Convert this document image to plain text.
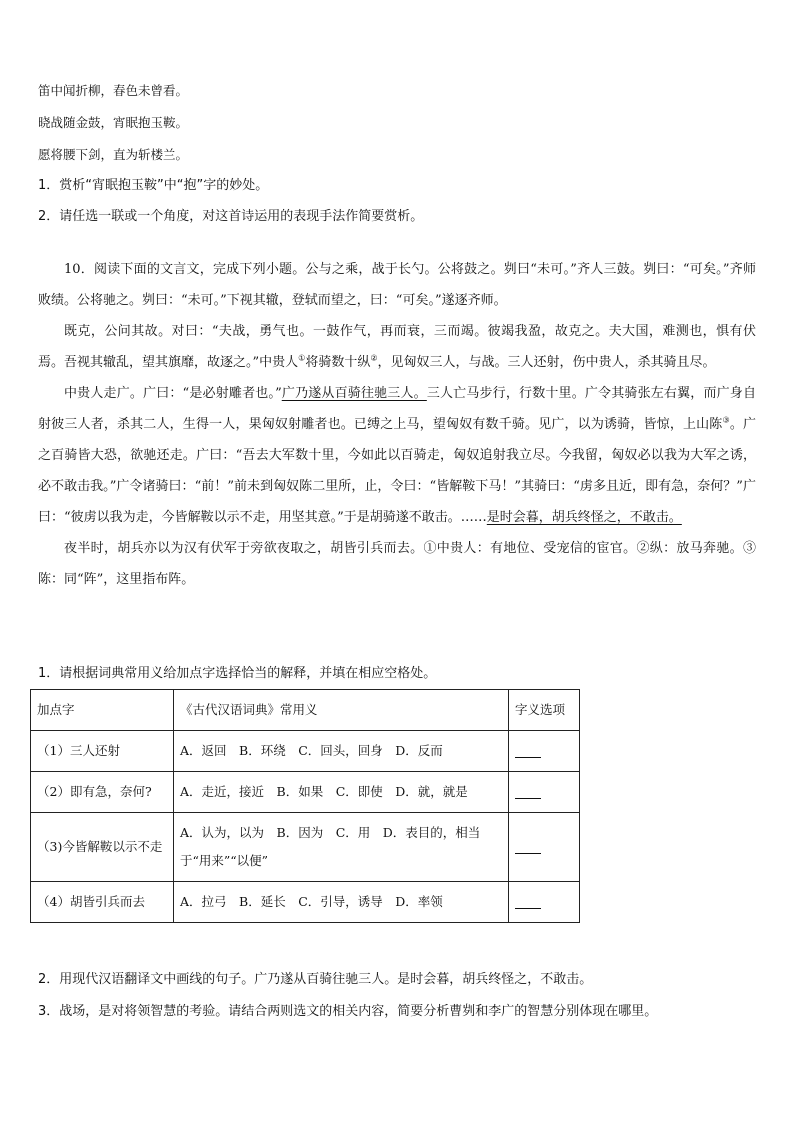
笛中闻折柳，春色未曾看。
晓战随金鼓，宵眠抱玉鞍。
愿将腰下剑，直为斩楼兰。
1．赏析“宵眠抱玉鞍”中“抱”字的妙处。
2．请任选一联或一个角度，对这首诗运用的表现手法作简要赏析。

10．阅读下面的文言文，完成下列小题。公与之乘，战于长勺。公将鼓之。刿曰“未可。”齐人三鼓。刿曰：“可矣。”齐师败绩。公将驰之。刿曰：“未可。”下视其辙，登轼而望之，曰：“可矣。”遂逐齐师。

既克，公问其故。对曰：“夫战，勇气也。一鼓作气，再而衰，三而竭。彼竭我盈，故克之。夫大国，难测也，惧有伏焉。吾视其辙乱，望其旗靡，故逐之。”中贵人①将骑数十纵②，见匈奴三人，与战。三人还射，伤中贵人，杀其骑且尽。

中贵人走广。广曰：“是必射雕者也。”广乃遂从百骑往驰三人。三人亡马步行，行数十里。广令其骑张左右翼，而广身自射彼三人者，杀其二人，生得一人，果匈奴射雕者也。已缚之上马，望匈奴有数千骑。见广，以为诱骑，皆惊，上山陈③。广之百骑皆大恐，欲驰还走。广曰：“吾去大军数十里，今如此以百骑走，匈奴追射我立尽。今我留，匈奴必以我为大军之诱，必不敢击我。”广令诸骑曰：“前！”前未到匈奴陈二里所，止，令曰：“皆解鞍下马！”其骑曰：“虏多且近，即有急，奈何？”广曰：“彼虏以我为走，今皆解鞍以示不走，用坚其意。”于是胡骑遂不敢击。……是时会暮，胡兵终怪之，不敢击。

夜半时，胡兵亦以为汉有伏军于旁欲夜取之，胡皆引兵而去。①中贵人：有地位、受宠信的宦官。②纵：放马奔驰。③陈：同“阵”，这里指布阵。

1．请根据词典常用义给加点字选择恰当的解释，并填在相应空格处。
加点字	《古代汉语词典》常用义	字义选项
（1）三人还射	A．返回　B．环绕　C．回头，回身　D．反而	
（2）即有急，奈何?	A．走近，接近　B．如果　C．即使　D．就，就是	
（3)今皆解鞍以示不走	A．认为，以为　B．因为　C．用　D．表目的，相当于“用来”“以便”	
（4）胡皆引兵而去	A．拉弓　B．延长　C．引导，诱导　D．率领	
2．用现代汉语翻译文中画线的句子。广乃遂从百骑往驰三人。是时会暮，胡兵终怪之，不敢击。
3．战场，是对将领智慧的考验。请结合两则选文的相关内容，简要分析曹刿和李广的智慧分别体现在哪里。
